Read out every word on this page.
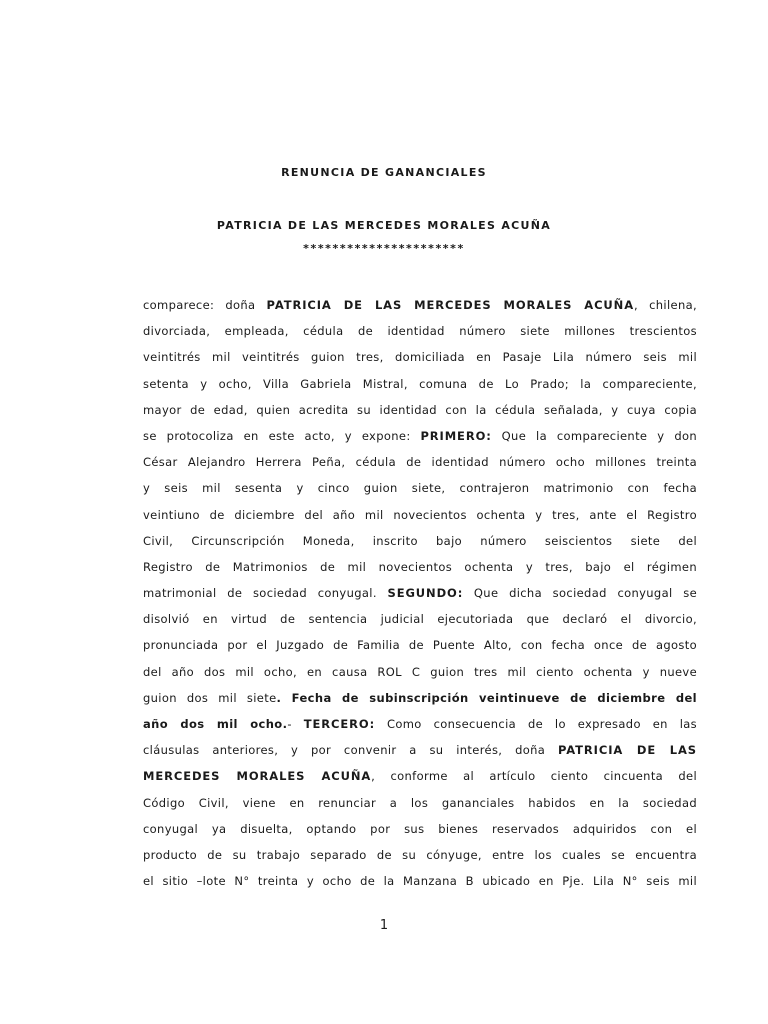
RENUNCIA DE GANANCIALES
PATRICIA DE LAS MERCEDES MORALES ACUÑA
**********************
comparece: doña PATRICIA DE LAS MERCEDES MORALES ACUÑA, chilena,
divorciada, empleada, cédula de identidad número siete millones trescientos
veintitrés mil veintitrés guion tres, domiciliada en Pasaje Lila número seis mil
setenta y ocho, Villa Gabriela Mistral, comuna de Lo Prado; la compareciente,
mayor de edad, quien acredita su identidad con la cédula señalada, y cuya copia
se protocoliza en este acto, y expone: PRIMERO: Que la compareciente y don
César Alejandro Herrera Peña, cédula de identidad número ocho millones treinta
y seis mil sesenta y cinco guion siete, contrajeron matrimonio con fecha
veintiuno de diciembre del año mil novecientos ochenta y tres, ante el Registro
Civil, Circunscripción Moneda, inscrito bajo número seiscientos siete del
Registro de Matrimonios de mil novecientos ochenta y tres, bajo el régimen
matrimonial de sociedad conyugal. SEGUNDO: Que dicha sociedad conyugal se
disolvió en virtud de sentencia judicial ejecutoriada que declaró el divorcio,
pronunciada por el Juzgado de Familia de Puente Alto, con fecha once de agosto
del año dos mil ocho, en causa ROL C guion tres mil ciento ochenta y nueve
guion dos mil siete. Fecha de subinscripción veintinueve de diciembre del
año dos mil ocho.- TERCERO: Como consecuencia de lo expresado en las
cláusulas anteriores, y por convenir a su interés, doña PATRICIA DE LAS
MERCEDES MORALES ACUÑA, conforme al artículo ciento cincuenta del
Código Civil, viene en renunciar a los gananciales habidos en la sociedad
conyugal ya disuelta, optando por sus bienes reservados adquiridos con el
producto de su trabajo separado de su cónyuge, entre los cuales se encuentra
el sitio –lote N° treinta y ocho de la Manzana B ubicado en Pje. Lila N° seis mil
1
